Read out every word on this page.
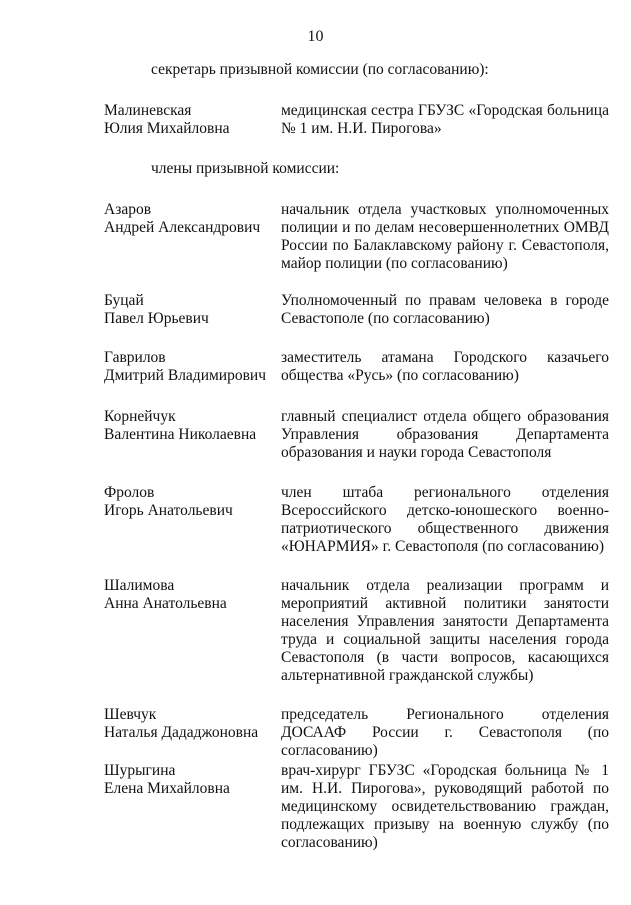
10
секретарь призывной комиссии (по согласованию):
Малиневская
Юлия Михайловна
медицинская сестра ГБУЗС «Городская больница № 1 им. Н.И. Пирогова»
члены призывной комиссии:
Азаров
Андрей Александрович
начальник отдела участковых уполномоченных полиции и по делам несовершеннолетних ОМВД России по Балаклавскому району г. Севастополя, майор полиции (по согласованию)
Буцай
Павел Юрьевич
Уполномоченный по правам человека в городе Севастополе (по согласованию)
Гаврилов
Дмитрий Владимирович
заместитель атамана Городского казачьего общества «Русь» (по согласованию)
Корнейчук
Валентина Николаевна
главный специалист отдела общего образования Управления образования Департамента образования и науки города Севастополя
Фролов
Игорь Анатольевич
член штаба регионального отделения Всероссийского детско-юношеского военно-патриотического общественного движения «ЮНАРМИЯ» г. Севастополя (по согласованию)
Шалимова
Анна Анатольевна
начальник отдела реализации программ и мероприятий активной политики занятости населения Управления занятости Департамента труда и социальной защиты населения города Севастополя (в части вопросов, касающихся альтернативной гражданской службы)
Шевчук
Наталья Дададжоновна
председатель Регионального отделения ДОСААФ России г. Севастополя (по согласованию)
Шурыгина
Елена Михайловна
врач-хирург ГБУЗС «Городская больница № 1 им. Н.И. Пирогова», руководящий работой по медицинскому освидетельствованию граждан, подлежащих призыву на военную службу (по согласованию)
